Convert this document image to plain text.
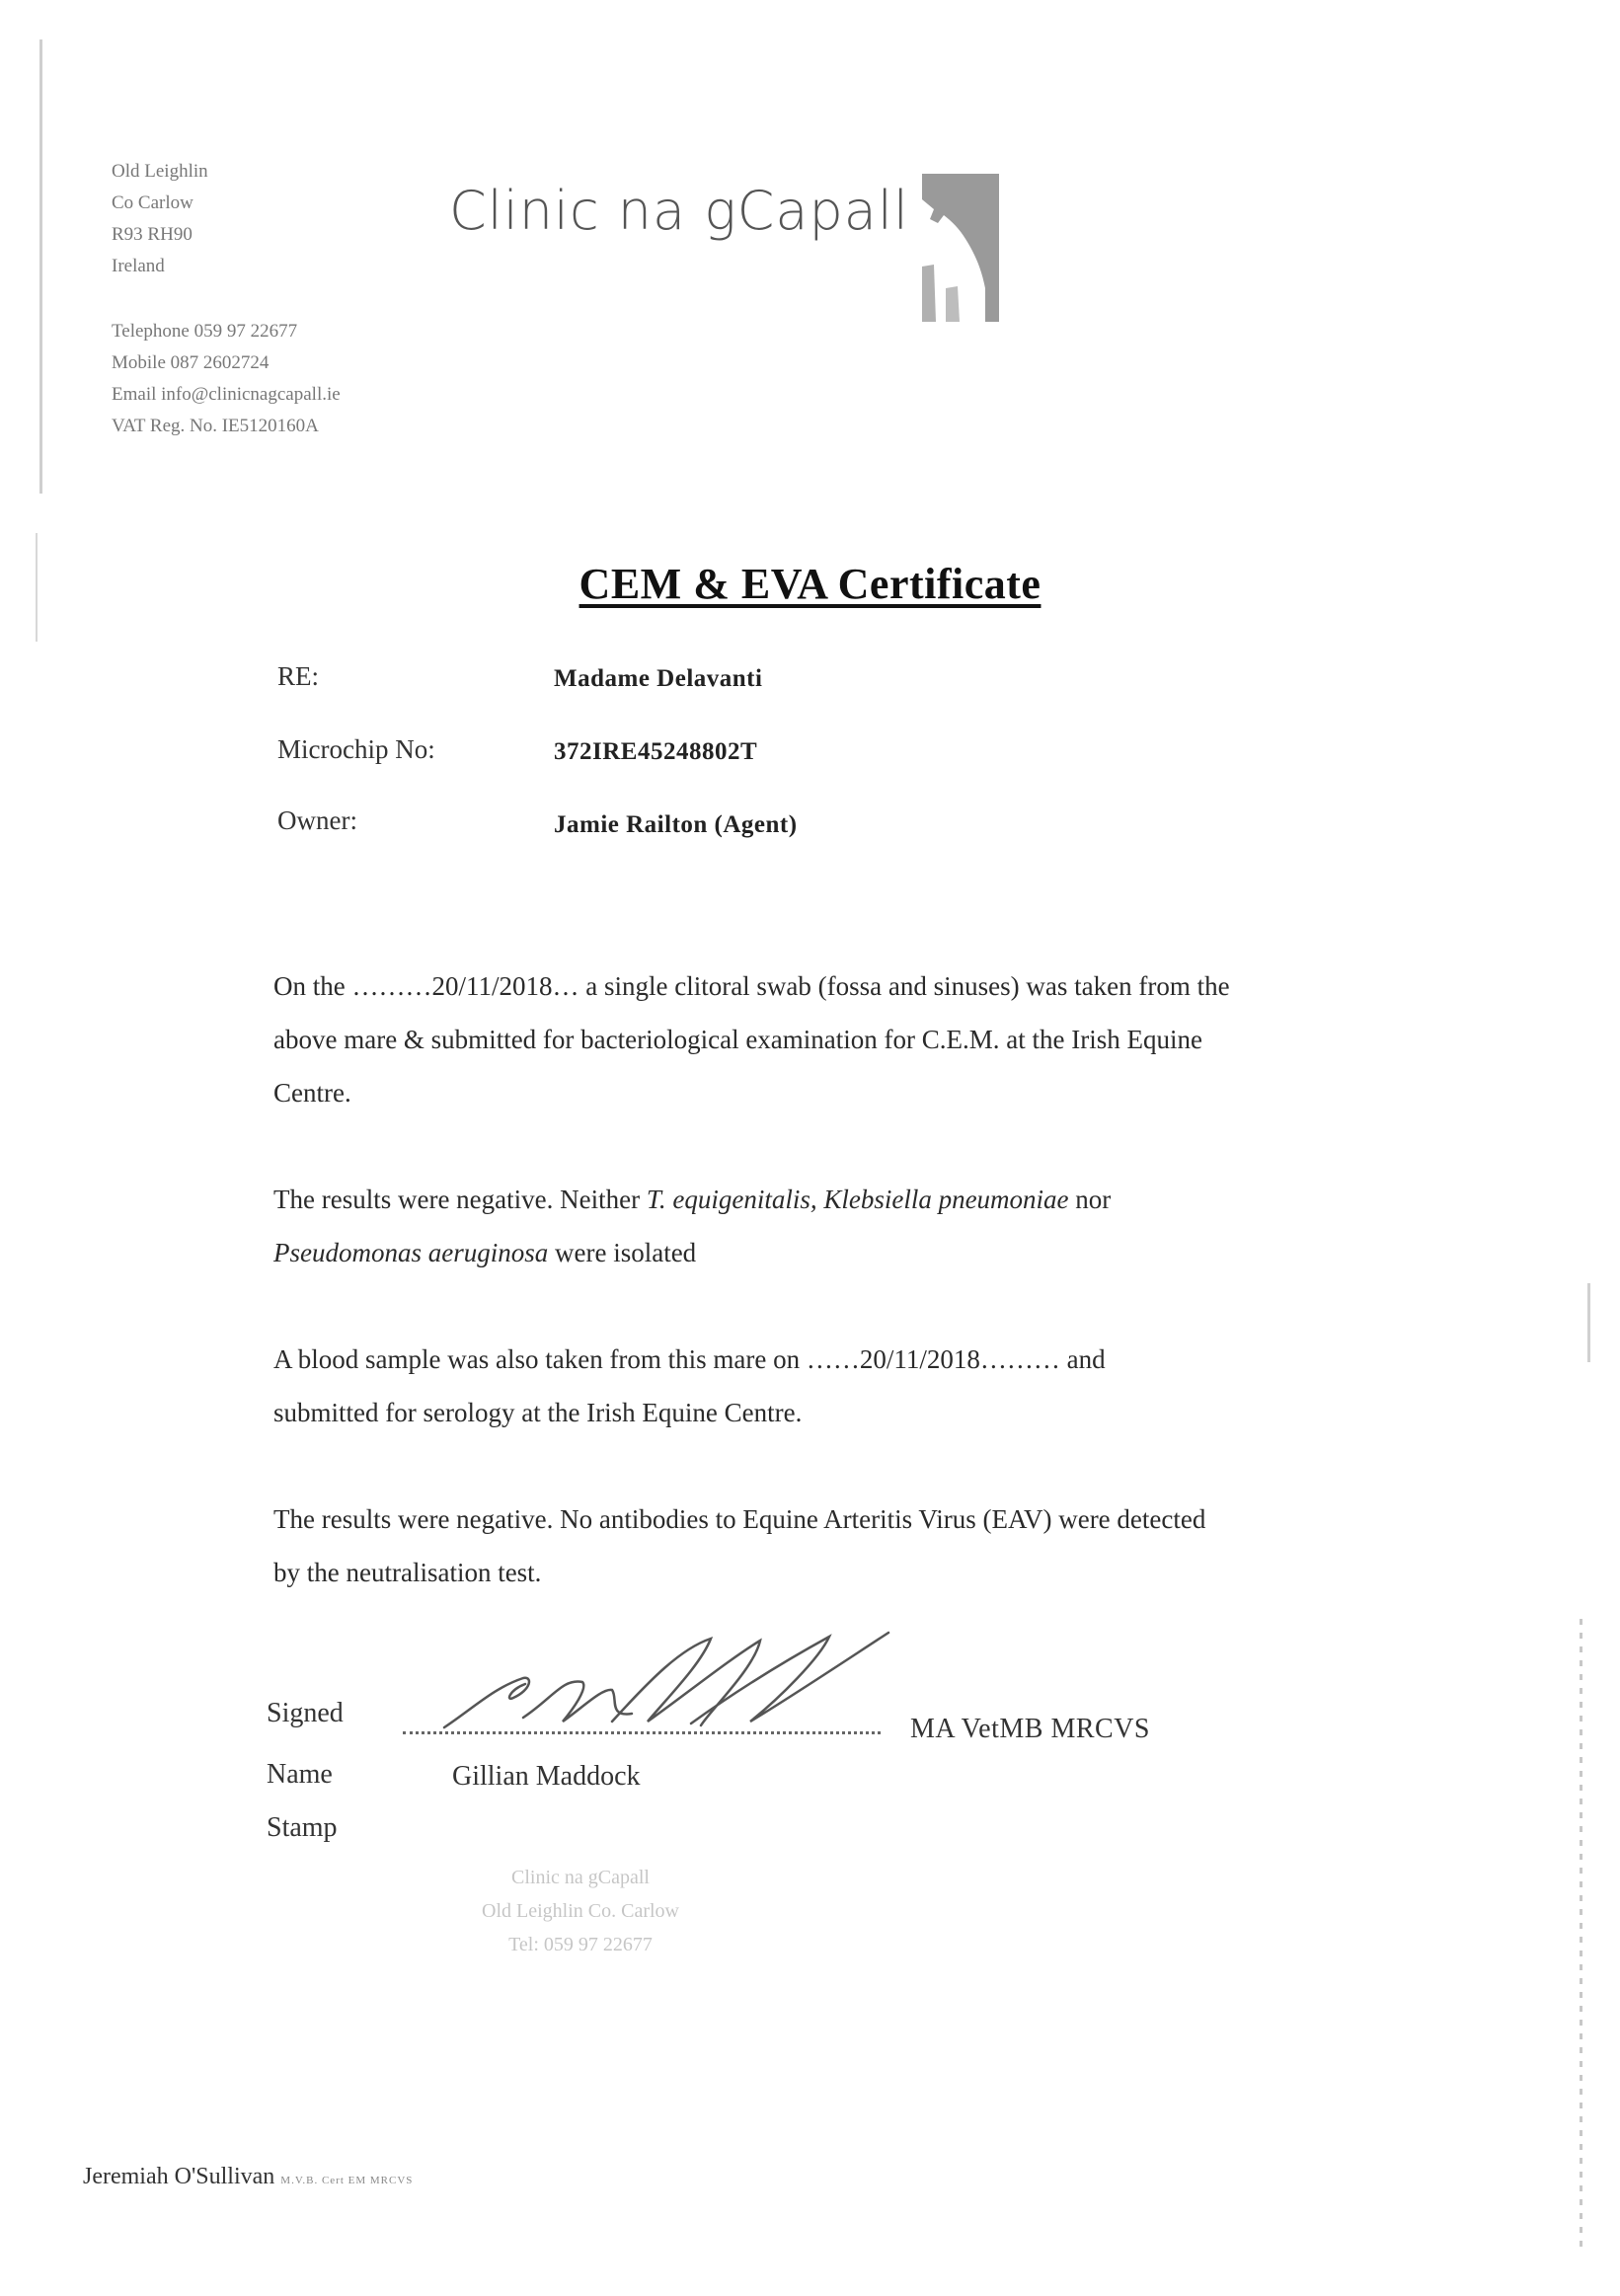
Old Leighlin
Co Carlow
R93 RH90
Ireland
Telephone 059 97 22677
Mobile 087 2602724
Email info@clinicnagcapall.ie
VAT Reg. No. IE5120160A
Clinic na gCapall
CEM & EVA Certificate
RE:	Madame Delavanti
Microchip No:	372IRE45248802T
Owner:	Jamie Railton (Agent)
On the ………20/11/2018… a single clitoral swab (fossa and sinuses) was taken from the
above mare & submitted for bacteriological examination for C.E.M. at the Irish Equine
Centre.
The results were negative. Neither T. equigenitalis, Klebsiella pneumoniae nor
Pseudomonas aeruginosa were isolated
A blood sample was also taken from this mare on ……20/11/2018……… and
submitted for serology at the Irish Equine Centre.
The results were negative. No antibodies to Equine Arteritis Virus (EAV) were detected
by the neutralisation test.
Signed
MA VetMB MRCVS
Name	Gillian Maddock
Stamp
Clinic na gCapall
Old Leighlin Co. Carlow
Tel: 059 97 22677
Jeremiah O'Sullivan M.V.B. Cert EM MRCVS
